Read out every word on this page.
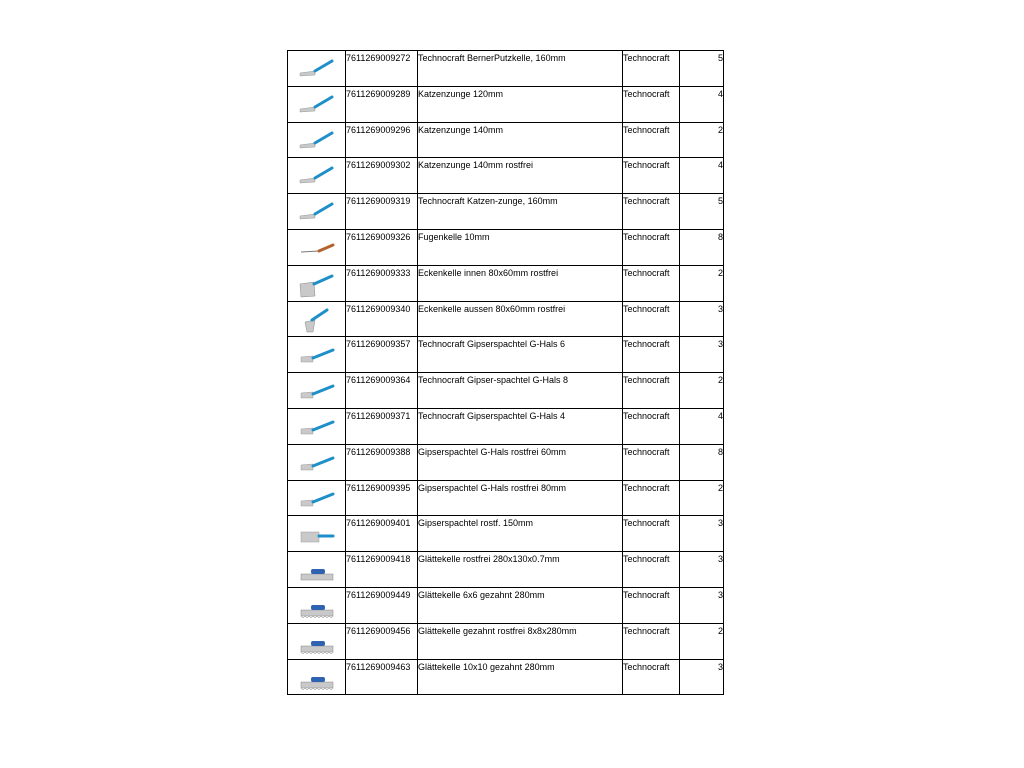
7611269009272	Technocraft BernerPutzkelle, 160mm	Technocraft	5

7611269009289	Katzenzunge 120mm	Technocraft	4

7611269009296	Katzenzunge 140mm	Technocraft	2

7611269009302	Katzenzunge 140mm rostfrei	Technocraft	4

7611269009319	Technocraft Katzen-zunge, 160mm	Technocraft	5

7611269009326	Fugenkelle 10mm	Technocraft	8

7611269009333	Eckenkelle innen 80x60mm rostfrei	Technocraft	2

7611269009340	Eckenkelle aussen 80x60mm rostfrei	Technocraft	3

7611269009357	Technocraft Gipserspachtel G-Hals 6	Technocraft	3

7611269009364	Technocraft Gipser-spachtel G-Hals 8	Technocraft	2

7611269009371	Technocraft Gipserspachtel G-Hals 4	Technocraft	4

7611269009388	Gipserspachtel G-Hals rostfrei 60mm	Technocraft	8

7611269009395	Gipserspachtel G-Hals rostfrei 80mm	Technocraft	2

7611269009401	Gipserspachtel rostf. 150mm	Technocraft	3

7611269009418	Glättekelle rostfrei 280x130x0.7mm	Technocraft	3

7611269009449	Glättekelle 6x6 gezahnt 280mm	Technocraft	3

7611269009456	Glättekelle gezahnt rostfrei 8x8x280mm	Technocraft	2

7611269009463	Glättekelle 10x10 gezahnt 280mm	Technocraft	3
